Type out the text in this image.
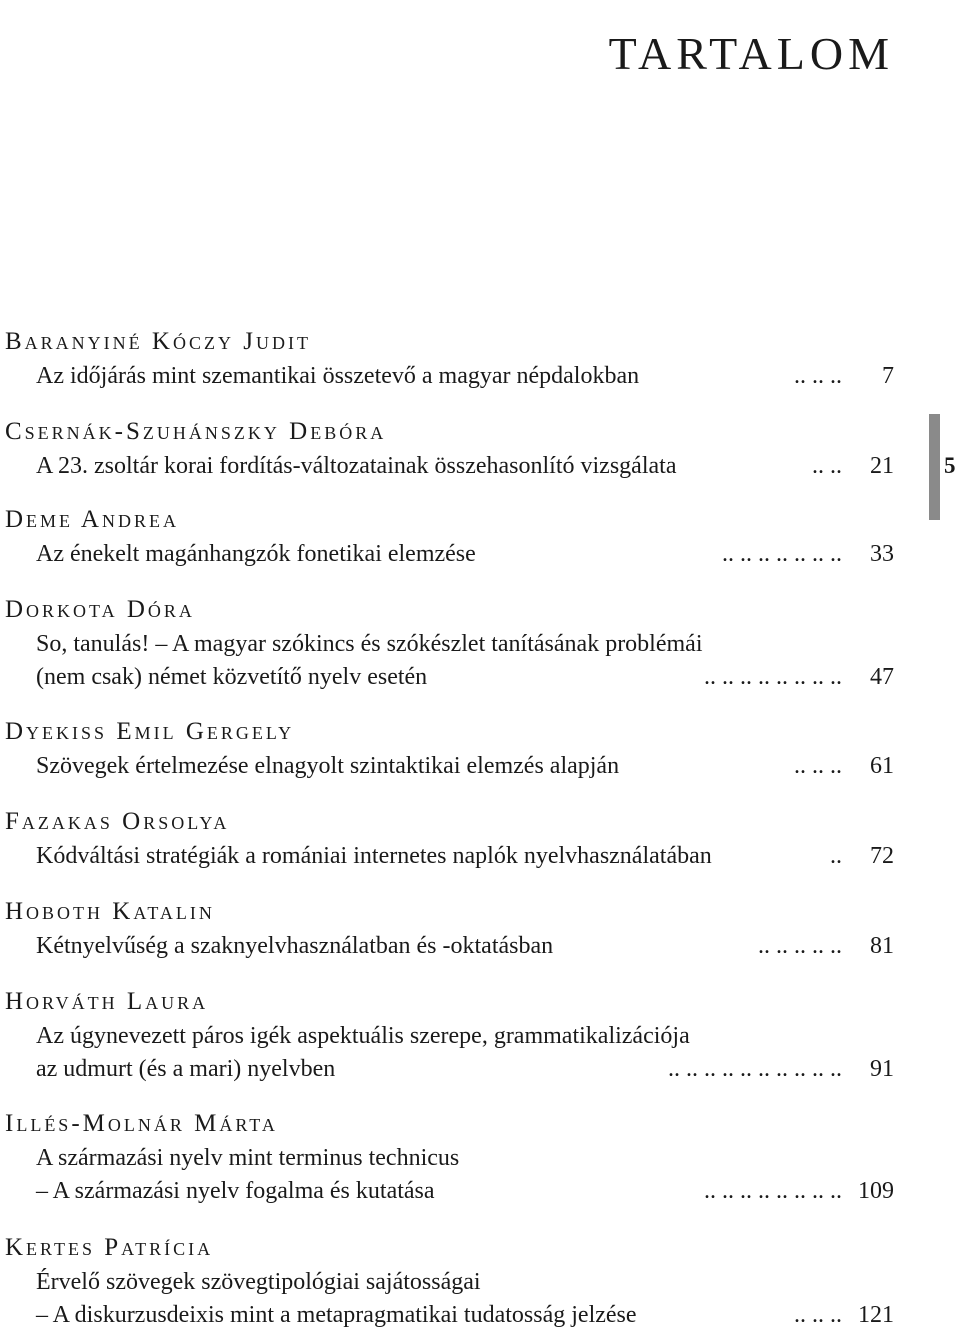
TARTALOM
5
Baranyiné Kóczy Judit
Az időjárás mint szemantikai összetevő a magyar népdalokban	.. .. .. 7
Csernák-Szuhánszky Debóra
A 23. zsoltár korai fordítás-változatainak összehasonlító vizsgálata	.. .. 21
Deme Andrea
Az énekelt magánhangzók fonetikai elemzése	.. .. .. .. .. .. .. 33
Dorkota Dóra
So, tanulás! – A magyar szókincs és szókészlet tanításának problémái
(nem csak) német közvetítő nyelv esetén	.. .. .. .. .. .. .. .. 47
Dyekiss Emil Gergely
Szövegek értelmezése elnagyolt szintaktikai elemzés alapján	.. .. .. 61
Fazakas Orsolya
Kódváltási stratégiák a romániai internetes naplók nyelvhasználatában	.. 72
Hoboth Katalin
Kétnyelvűség a szaknyelvhasználatban és -oktatásban	.. .. .. .. .. 81
Horváth Laura
Az úgynevezett páros igék aspektuális szerepe, grammatikalizációja
az udmurt (és a mari) nyelvben	.. .. .. .. .. .. .. .. .. .. 91
Illés-Molnár Márta
A származási nyelv mint terminus technicus
– A származási nyelv fogalma és kutatása	.. .. .. .. .. .. .. .. 109
Kertes Patrícia
Érvelő szövegek szövegtipológiai sajátosságai
– A diskurzusdeixis mint a metapragmatikai tudatosság jelzése	.. .. .. 121
